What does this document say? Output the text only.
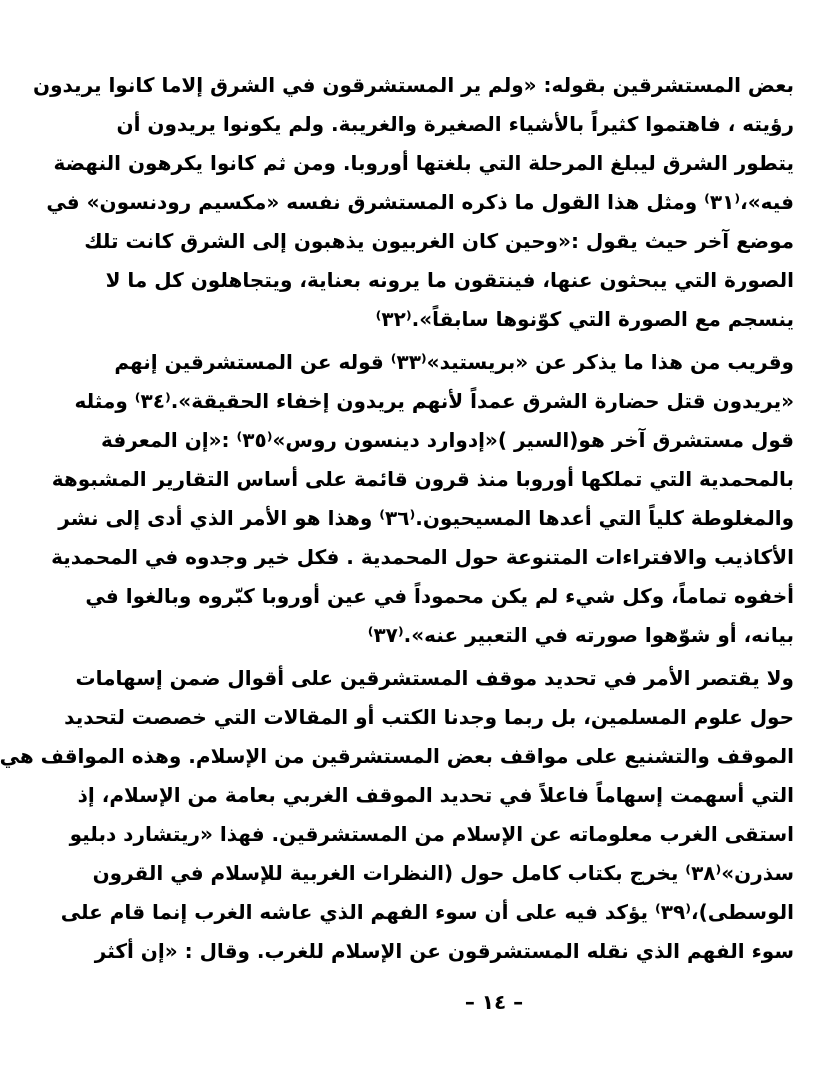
بعض المستشرقين بقوله: «ولم ير المستشرقون في الشرق إلاما كانوا يريدون
رؤيته ، فاهتموا كثيراً بالأشياء الصغيرة والغريبة. ولم يكونوا يريدون أن
يتطور الشرق ليبلغ المرحلة التي بلغتها أوروبا. ومن ثم كانوا يكرهون النهضة
فيه»،⁽٣١⁾ ومثل هذا القول ما ذكره المستشرق نفسه «مكسيم رودنسون» في
موضع آخر حيث يقول :«وحين كان الغربيون يذهبون إلى الشرق كانت تلك
الصورة التي يبحثون عنها، فينتقون ما يرونه بعناية، ويتجاهلون كل ما لا
ينسجم مع الصورة التي كوّنوها سابقاً».⁽٣٢⁾
وقريب من هذا ما يذكر عن «بريستيد»⁽٣٣⁾ قوله عن المستشرقين إنهم
«يريدون قتل حضارة الشرق عمداً لأنهم يريدون إخفاء الحقيقة».⁽٣٤⁾ ومثله
قول مستشرق آخر هو(السير )«إدوارد دينسون روس»⁽٣٥⁾ :«إن المعرفة
بالمحمدية التي تملكها أوروبا منذ قرون قائمة على أساس التقارير المشبوهة
والمغلوطة كلياً التي أعدها المسيحيون.⁽٣٦⁾ وهذا هو الأمر الذي أدى إلى نشر
الأكاذيب والافتراءات المتنوعة حول المحمدية . فكل خير وجدوه في المحمدية
أخفوه تماماً، وكل شيء لم يكن محموداً في عين أوروبا كبّروه وبالغوا في
بيانه، أو شوّهوا صورته في التعبير عنه».⁽٣٧⁾
ولا يقتصر الأمر في تحديد موقف المستشرقين على أقوال ضمن إسهامات
حول علوم المسلمين، بل ربما وجدنا الكتب أو المقالات التي خصصت لتحديد
الموقف والتشنيع على مواقف بعض المستشرقين من الإسلام. وهذه المواقف هي
التي أسهمت إسهاماً فاعلاً في تحديد الموقف الغربي بعامة من الإسلام، إذ
استقى الغرب معلوماته عن الإسلام من المستشرقين. فهذا «ريتشارد دبليو
سذرن»⁽٣٨⁾ يخرج بكتاب كامل حول (النظرات الغربية للإسلام في القرون
الوسطى)،⁽٣٩⁾ يؤكد فيه على أن سوء الفهم الذي عاشه الغرب إنما قام على
سوء الفهم الذي نقله المستشرقون عن الإسلام للغرب. وقال : «إن أكثر
– ١٤ –
